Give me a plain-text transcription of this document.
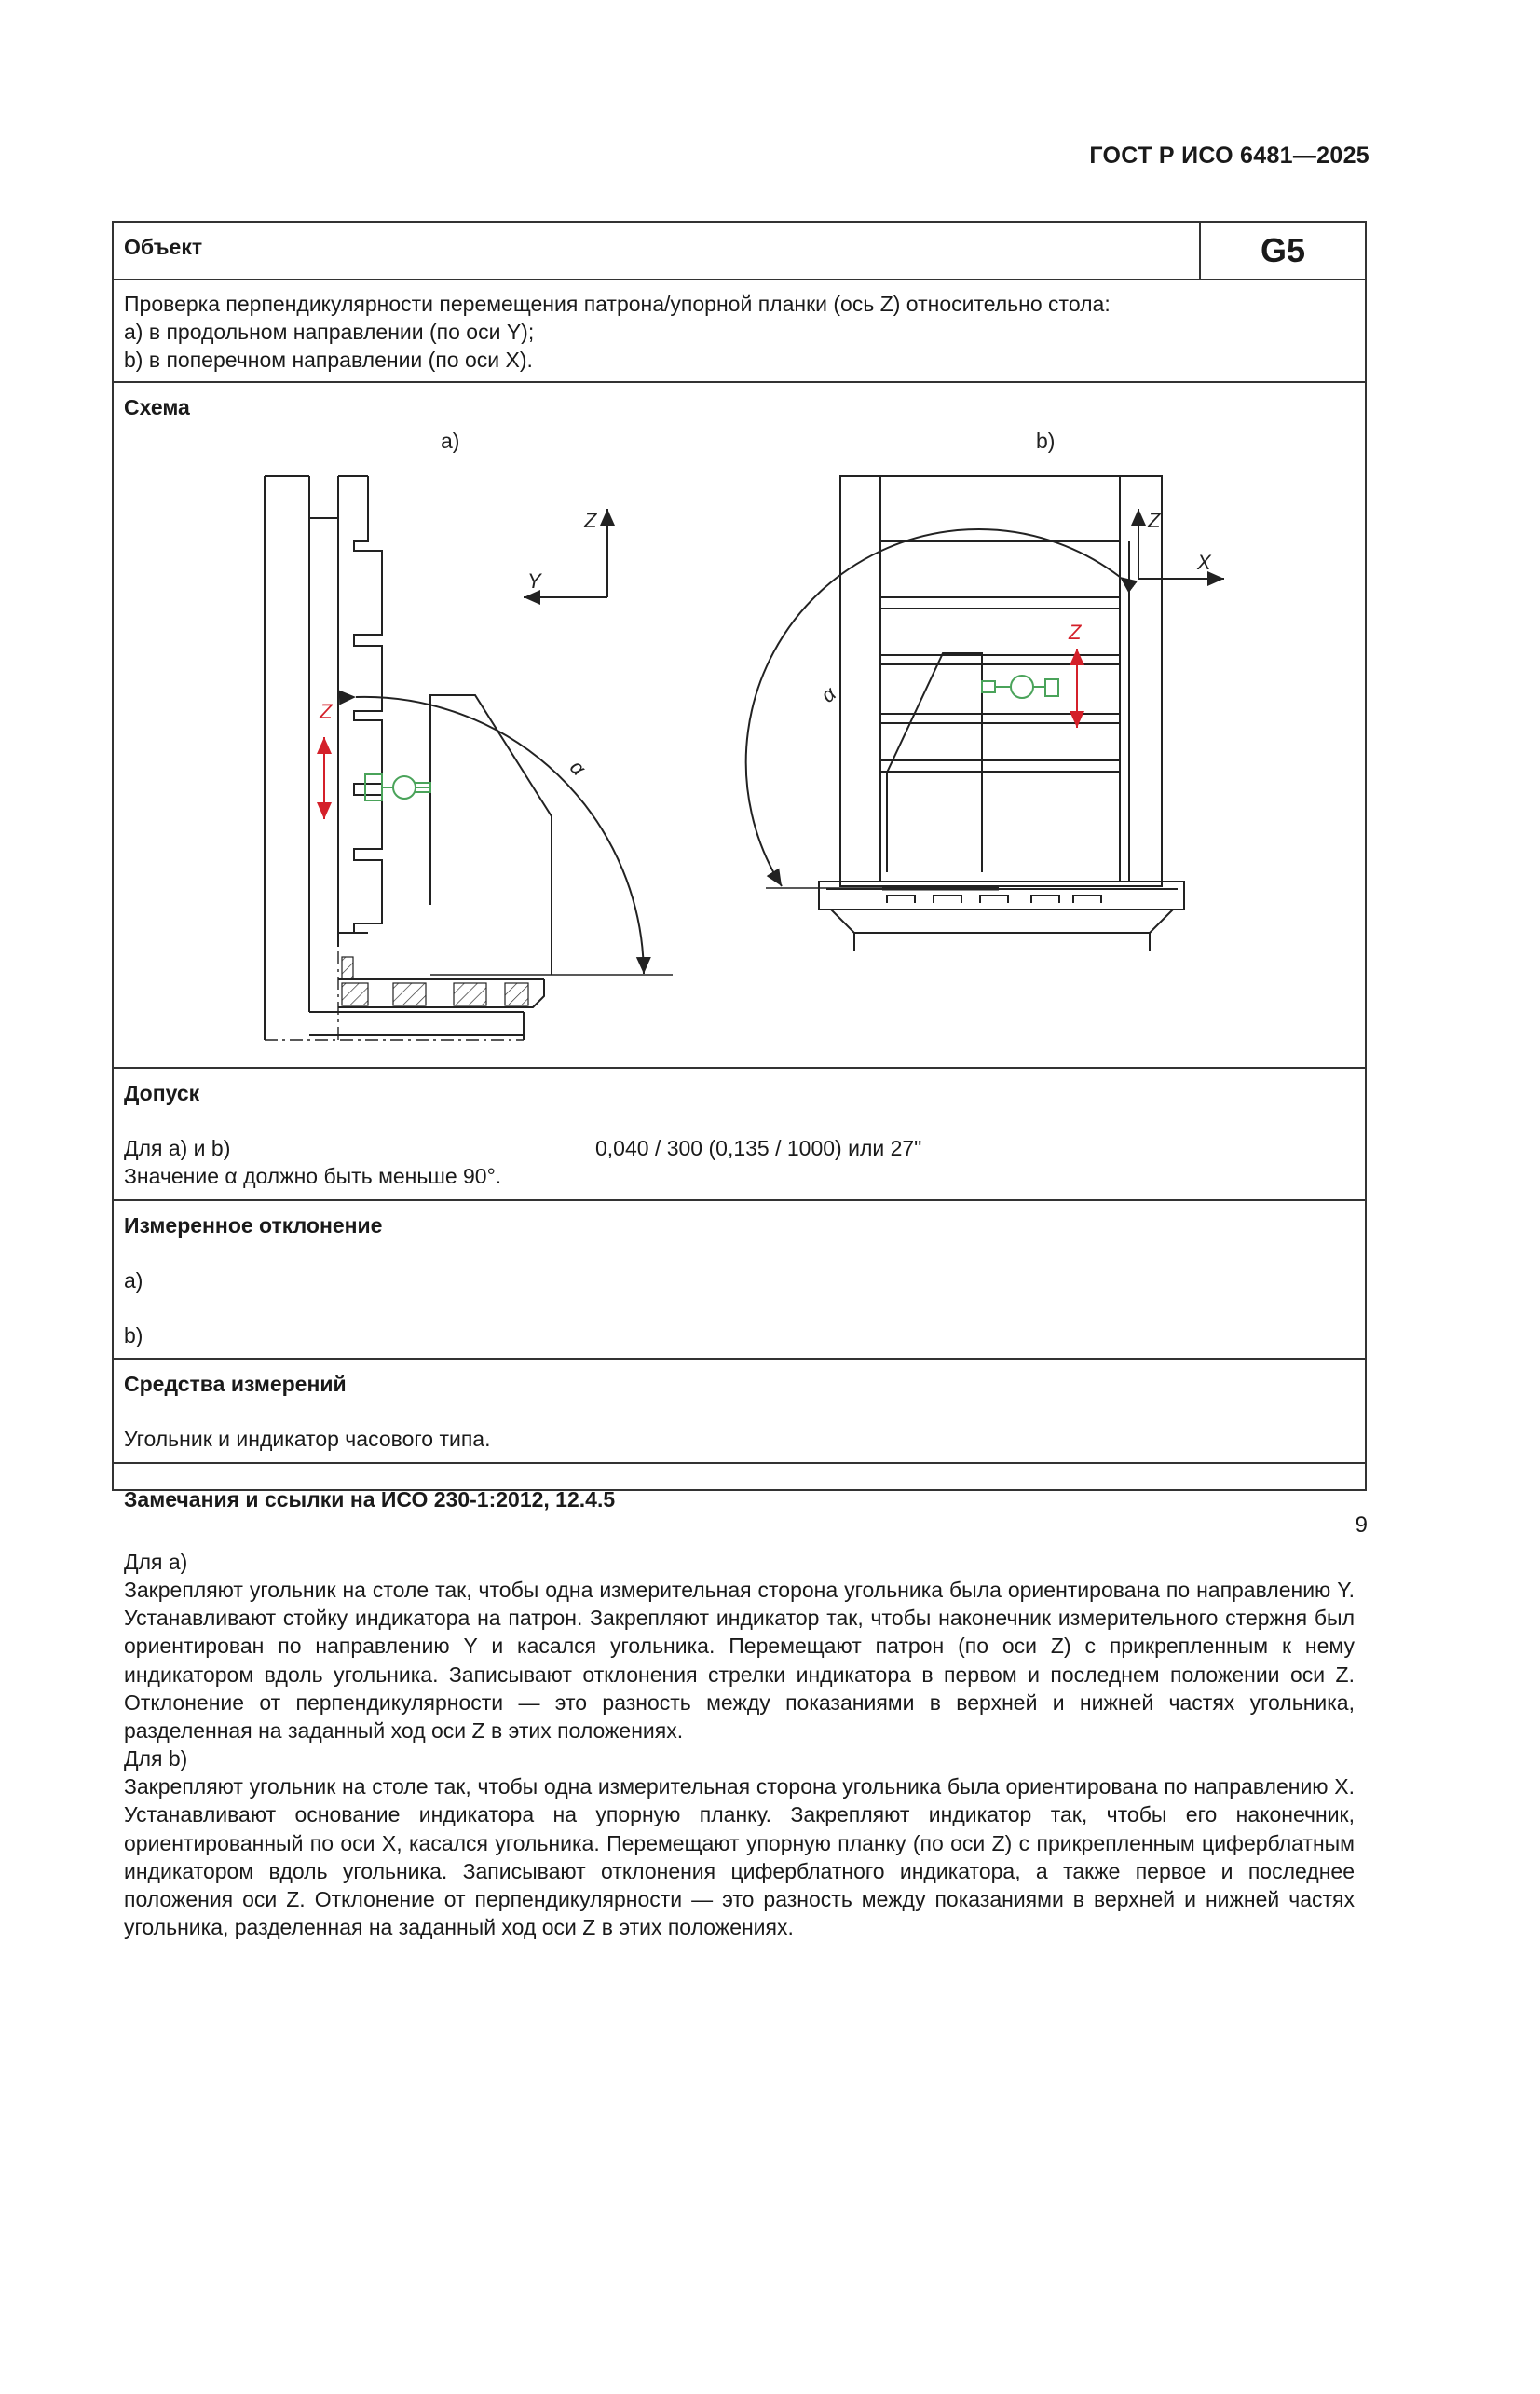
ГОСТ Р ИСО 6481—2025
Объект	G5
Проверка перпендикулярности перемещения патрона/упорной планки (ось Z) относительно стола:
а) в продольном направлении (по оси Y);
b) в поперечном направлении (по оси X).
Схема
а)
Z
α
Z
Y
b)
Z
α
Z
X
Допуск
Для а) и b)	0,040 / 300 (0,135 / 1000) или 27"
Значение α должно быть меньше 90°.
Измеренное отклонение
а)
b)
Средства измерений
Угольник и индикатор часового типа.
Замечания и ссылки на ИСО 230-1:2012, 12.4.5
Для а)
Закрепляют угольник на столе так, чтобы одна измерительная сторона угольника была ориентирована по направлению Y. Устанавливают стойку индикатора на патрон. Закрепляют индикатор так, чтобы наконечник измерительного стержня был ориентирован по направлению Y и касался угольника. Перемещают патрон (по оси Z) с прикрепленным к нему индикатором вдоль угольника. Записывают отклонения стрелки индикатора в первом и последнем положении оси Z. Отклонение от перпендикулярности — это разность между показаниями в верхней и нижней частях угольника, разделенная на заданный ход оси Z в этих положениях.
Для b)
Закрепляют угольник на столе так, чтобы одна измерительная сторона угольника была ориентирована по направлению X. Устанавливают основание индикатора на упорную планку. Закрепляют индикатор так, чтобы его наконечник, ориентированный по оси X, касался угольника. Перемещают упорную планку (по оси Z) с прикрепленным циферблатным индикатором вдоль угольника. Записывают отклонения циферблатного индикатора, а также первое и последнее положения оси Z. Отклонение от перпендикулярности — это разность между показаниями в верхней и нижней частях угольника, разделенная на заданный ход оси Z в этих положениях.
9
